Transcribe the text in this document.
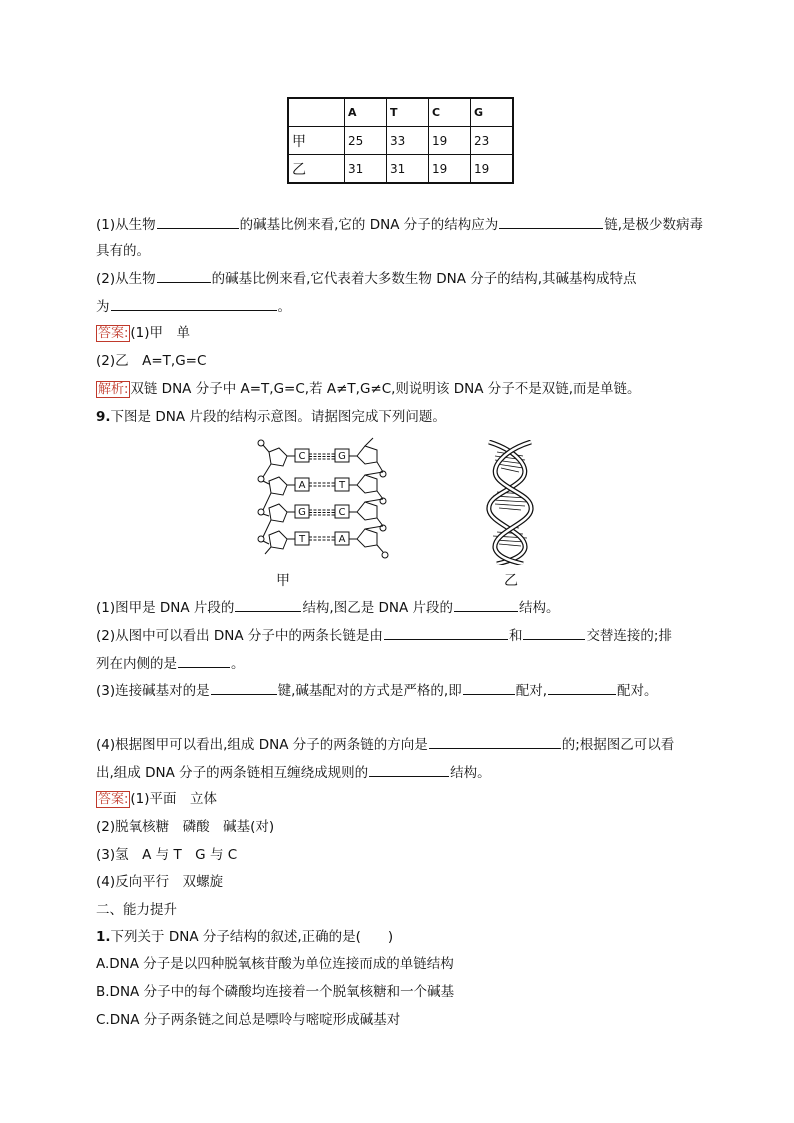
	A	T	C	G
甲	25	33	19	23
乙	31	31	19	19
(1)从生物	的碱基比例来看,它的 DNA 分子的结构应为	链,是极少数病毒
具有的。
(2)从生物	的碱基比例来看,它代表着大多数生物 DNA 分子的结构,其碱基构成特点
为	。
答案: (1)甲　单
(2)乙　A=T,G=C
解析: 双链 DNA 分子中 A=T,G=C,若 A≠T,G≠C,则说明该 DNA 分子不是双链,而是单链。
9.下图是 DNA 片段的结构示意图。请据图完成下列问题。
C
A
G
T
G
T
C
A
甲	乙
(1)图甲是 DNA 片段的	结构,图乙是 DNA 片段的	结构。
(2)从图中可以看出 DNA 分子中的两条长链是由	和	交替连接的;排
列在内侧的是	。
(3)连接碱基对的是	键,碱基配对的方式是严格的,即	配对,	配对。
(4)根据图甲可以看出,组成 DNA 分子的两条链的方向是	的;根据图乙可以看
出,组成 DNA 分子的两条链相互缠绕成规则的	结构。
答案: (1)平面　立体
(2)脱氧核糖　磷酸　碱基(对)
(3)氢　A 与 T　G 与 C
(4)反向平行　双螺旋
二、能力提升
1.下列关于 DNA 分子结构的叙述,正确的是(　　)
A.DNA 分子是以四种脱氧核苷酸为单位连接而成的单链结构
B.DNA 分子中的每个磷酸均连接着一个脱氧核糖和一个碱基
C.DNA 分子两条链之间总是嘌呤与嘧啶形成碱基对
